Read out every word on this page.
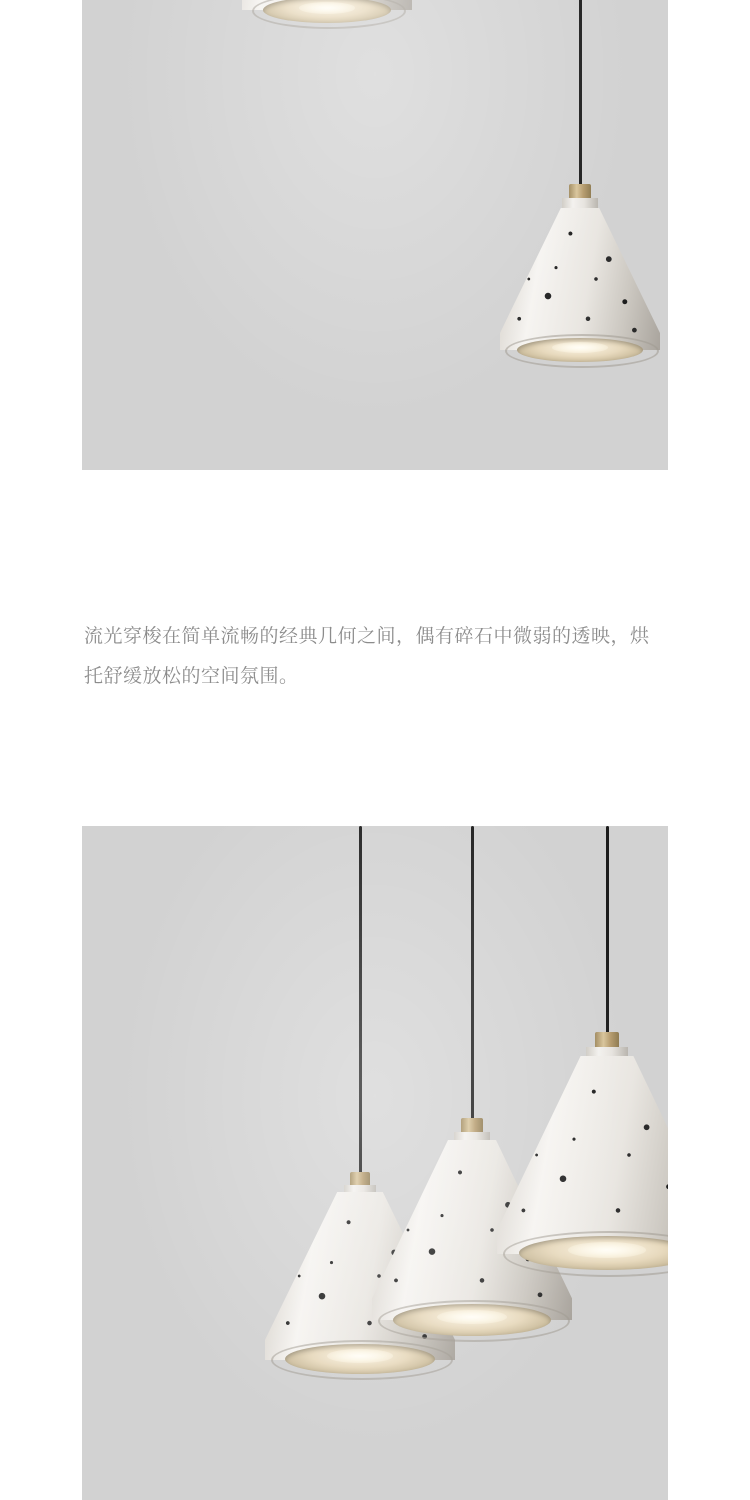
流光穿梭在简单流畅的经典几何之间，偶有碎石中微弱的透映，烘托舒缓放松的空间氛围。
